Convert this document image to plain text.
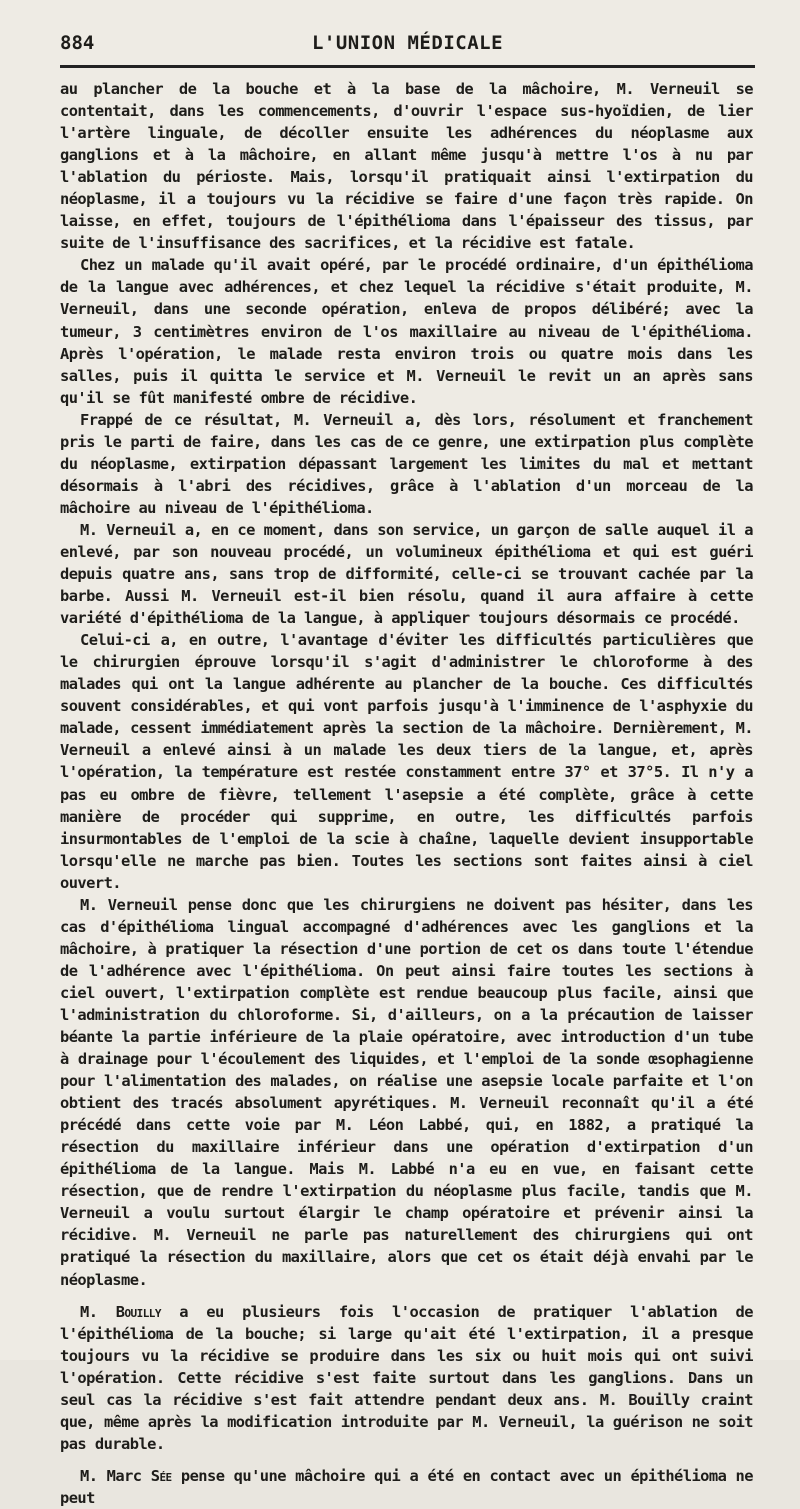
884	L'UNION MÉDICALE

au plancher de la bouche et à la base de la mâchoire, M. Verneuil se contentait, dans les commencements, d'ouvrir l'espace sus-hyoïdien, de lier l'artère linguale, de décoller ensuite les adhérences du néoplasme aux ganglions et à la mâchoire, en allant même jusqu'à mettre l'os à nu par l'ablation du périoste. Mais, lorsqu'il pratiquait ainsi l'extirpation du néoplasme, il a toujours vu la récidive se faire d'une façon très rapide. On laisse, en effet, toujours de l'épithélioma dans l'épaisseur des tissus, par suite de l'insuffisance des sacrifices, et la récidive est fatale.

Chez un malade qu'il avait opéré, par le procédé ordinaire, d'un épithélioma de la langue avec adhérences, et chez lequel la récidive s'était produite, M. Verneuil, dans une seconde opération, enleva de propos délibéré; avec la tumeur, 3 centimètres environ de l'os maxillaire au niveau de l'épithélioma. Après l'opération, le malade resta environ trois ou quatre mois dans les salles, puis il quitta le service et M. Verneuil le revit un an après sans qu'il se fût manifesté ombre de récidive.

Frappé de ce résultat, M. Verneuil a, dès lors, résolument et franchement pris le parti de faire, dans les cas de ce genre, une extirpation plus complète du néoplasme, extirpation dépassant largement les limites du mal et mettant désormais à l'abri des récidives, grâce à l'ablation d'un morceau de la mâchoire au niveau de l'épithélioma.

M. Verneuil a, en ce moment, dans son service, un garçon de salle auquel il a enlevé, par son nouveau procédé, un volumineux épithélioma et qui est guéri depuis quatre ans, sans trop de difformité, celle-ci se trouvant cachée par la barbe. Aussi M. Verneuil est-il bien résolu, quand il aura affaire à cette variété d'épithélioma de la langue, à appliquer toujours désormais ce procédé.

Celui-ci a, en outre, l'avantage d'éviter les difficultés particulières que le chirurgien éprouve lorsqu'il s'agit d'administrer le chloroforme à des malades qui ont la langue adhérente au plancher de la bouche. Ces difficultés souvent considérables, et qui vont parfois jusqu'à l'imminence de l'asphyxie du malade, cessent immédiatement après la section de la mâchoire. Dernièrement, M. Verneuil a enlevé ainsi à un malade les deux tiers de la langue, et, après l'opération, la température est restée constamment entre 37° et 37°5. Il n'y a pas eu ombre de fièvre, tellement l'asepsie a été complète, grâce à cette manière de procéder qui supprime, en outre, les difficultés parfois insurmontables de l'emploi de la scie à chaîne, laquelle devient insupportable lorsqu'elle ne marche pas bien. Toutes les sections sont faites ainsi à ciel ouvert.

M. Verneuil pense donc que les chirurgiens ne doivent pas hésiter, dans les cas d'épithélioma lingual accompagné d'adhérences avec les ganglions et la mâchoire, à pratiquer la résection d'une portion de cet os dans toute l'étendue de l'adhérence avec l'épithélioma. On peut ainsi faire toutes les sections à ciel ouvert, l'extirpation complète est rendue beaucoup plus facile, ainsi que l'administration du chloroforme. Si, d'ailleurs, on a la précaution de laisser béante la partie inférieure de la plaie opératoire, avec introduction d'un tube à drainage pour l'écoulement des liquides, et l'emploi de la sonde œsophagienne pour l'alimentation des malades, on réalise une asepsie locale parfaite et l'on obtient des tracés absolument apyrétiques. M. Verneuil reconnaît qu'il a été précédé dans cette voie par M. Léon Labbé, qui, en 1882, a pratiqué la résection du maxillaire inférieur dans une opération d'extirpation d'un épithélioma de la langue. Mais M. Labbé n'a eu en vue, en faisant cette résection, que de rendre l'extirpation du néoplasme plus facile, tandis que M. Verneuil a voulu surtout élargir le champ opératoire et prévenir ainsi la récidive. M. Verneuil ne parle pas naturellement des chirurgiens qui ont pratiqué la résection du maxillaire, alors que cet os était déjà envahi par le néoplasme.

M. Bouilly a eu plusieurs fois l'occasion de pratiquer l'ablation de l'épithélioma de la bouche; si large qu'ait été l'extirpation, il a presque toujours vu la récidive se produire dans les six ou huit mois qui ont suivi l'opération. Cette récidive s'est faite surtout dans les ganglions. Dans un seul cas la récidive s'est fait attendre pendant deux ans. M. Bouilly craint que, même après la modification introduite par M. Verneuil, la guérison ne soit pas durable.

M. Marc Sée pense qu'une mâchoire qui a été en contact avec un épithélioma ne peut
